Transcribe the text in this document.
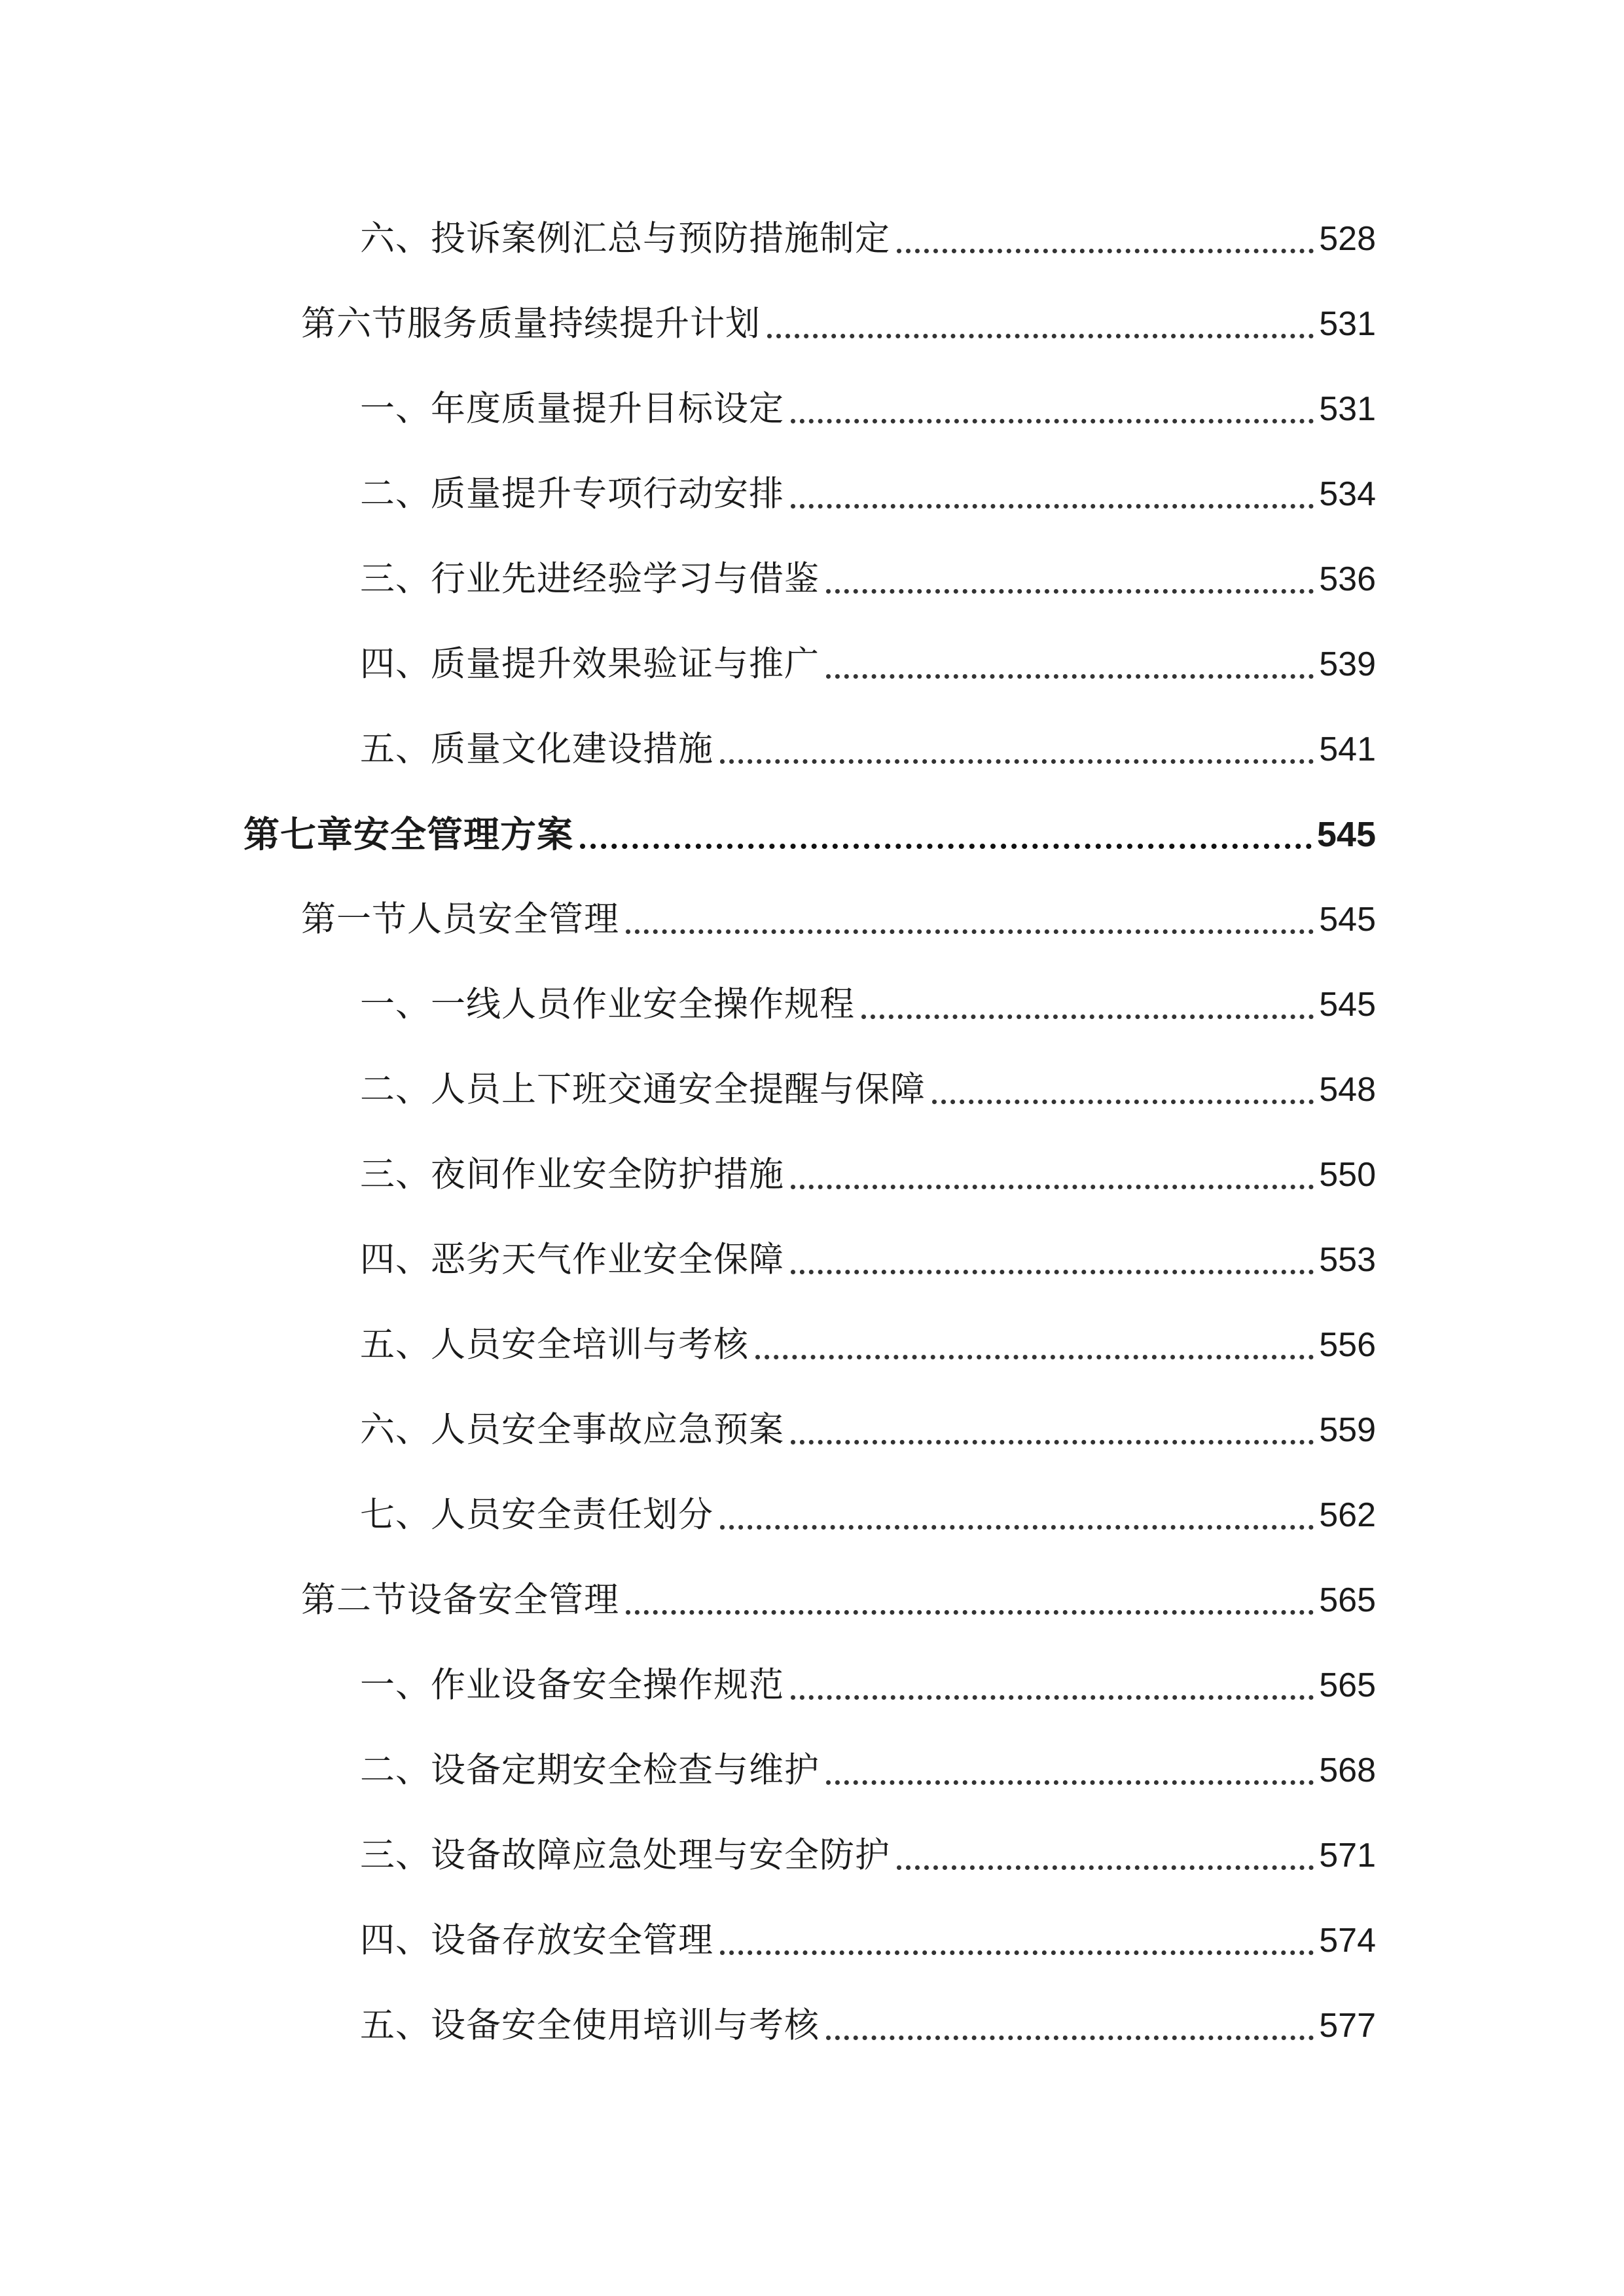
六、投诉案例汇总与预防措施制定	528
第六节服务质量持续提升计划	531
一、年度质量提升目标设定	531
二、质量提升专项行动安排	534
三、行业先进经验学习与借鉴	536
四、质量提升效果验证与推广	539
五、质量文化建设措施	541
第七章安全管理方案	545
第一节人员安全管理	545
一、一线人员作业安全操作规程	545
二、人员上下班交通安全提醒与保障	548
三、夜间作业安全防护措施	550
四、恶劣天气作业安全保障	553
五、人员安全培训与考核	556
六、人员安全事故应急预案	559
七、人员安全责任划分	562
第二节设备安全管理	565
一、作业设备安全操作规范	565
二、设备定期安全检查与维护	568
三、设备故障应急处理与安全防护	571
四、设备存放安全管理	574
五、设备安全使用培训与考核	577
